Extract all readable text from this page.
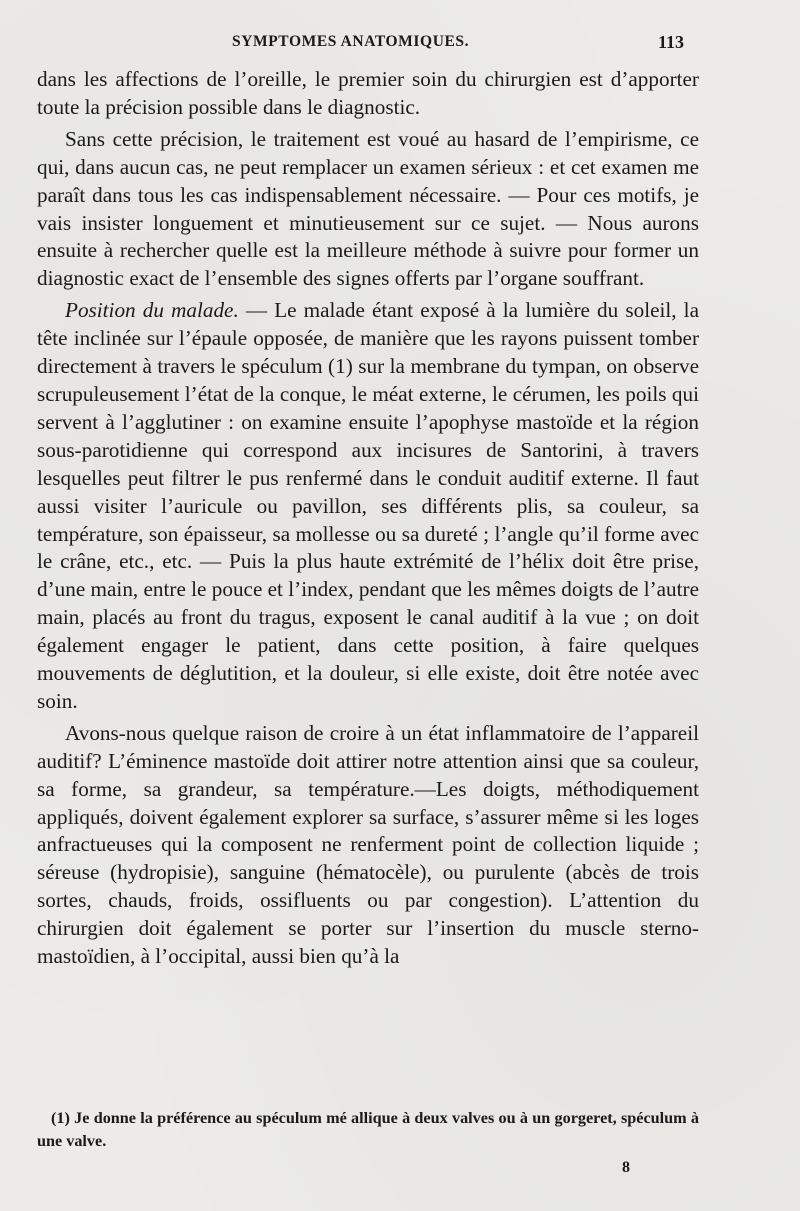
SYMPTOMES ANATOMIQUES.	113

dans les affections de l’oreille, le premier soin du chirurgien est d’apporter toute la précision possible dans le diagnostic.

Sans cette précision, le traitement est voué au hasard de l’empirisme, ce qui, dans aucun cas, ne peut remplacer un examen sérieux : et cet examen me paraît dans tous les cas indispensablement nécessaire. — Pour ces motifs, je vais insister longuement et minutieusement sur ce sujet. — Nous aurons ensuite à rechercher quelle est la meilleure méthode à suivre pour former un diagnostic exact de l’ensemble des signes offerts par l’organe souffrant.

Position du malade. — Le malade étant exposé à la lumière du soleil, la tête inclinée sur l’épaule opposée, de manière que les rayons puissent tomber directement à travers le spéculum (1) sur la membrane du tympan, on observe scrupuleusement l’état de la conque, le méat externe, le cérumen, les poils qui servent à l’agglutiner : on examine ensuite l’apophyse mastoïde et la région sous-parotidienne qui correspond aux incisures de Santorini, à travers lesquelles peut filtrer le pus renfermé dans le conduit auditif externe. Il faut aussi visiter l’auricule ou pavillon, ses différents plis, sa couleur, sa température, son épaisseur, sa mollesse ou sa dureté ; l’angle qu’il forme avec le crâne, etc., etc. — Puis la plus haute extrémité de l’hélix doit être prise, d’une main, entre le pouce et l’index, pendant que les mêmes doigts de l’autre main, placés au front du tragus, exposent le canal auditif à la vue ; on doit également engager le patient, dans cette position, à faire quelques mouvements de déglutition, et la douleur, si elle existe, doit être notée avec soin.

Avons-nous quelque raison de croire à un état inflammatoire de l’appareil auditif? L’éminence mastoïde doit attirer notre attention ainsi que sa couleur, sa forme, sa grandeur, sa température.—Les doigts, méthodiquement appliqués, doivent également explorer sa surface, s’assurer même si les loges anfractueuses qui la composent ne renferment point de collection liquide ; séreuse (hydropisie), sanguine (hématocèle), ou purulente (abcès de trois sortes, chauds, froids, ossifluents ou par congestion). L’attention du chirurgien doit également se porter sur l’insertion du muscle sterno-mastoïdien, à l’occipital, aussi bien qu’à la

(1) Je donne la préférence au spéculum mé allique à deux valves ou à un gorgeret, spéculum à une valve.

8
